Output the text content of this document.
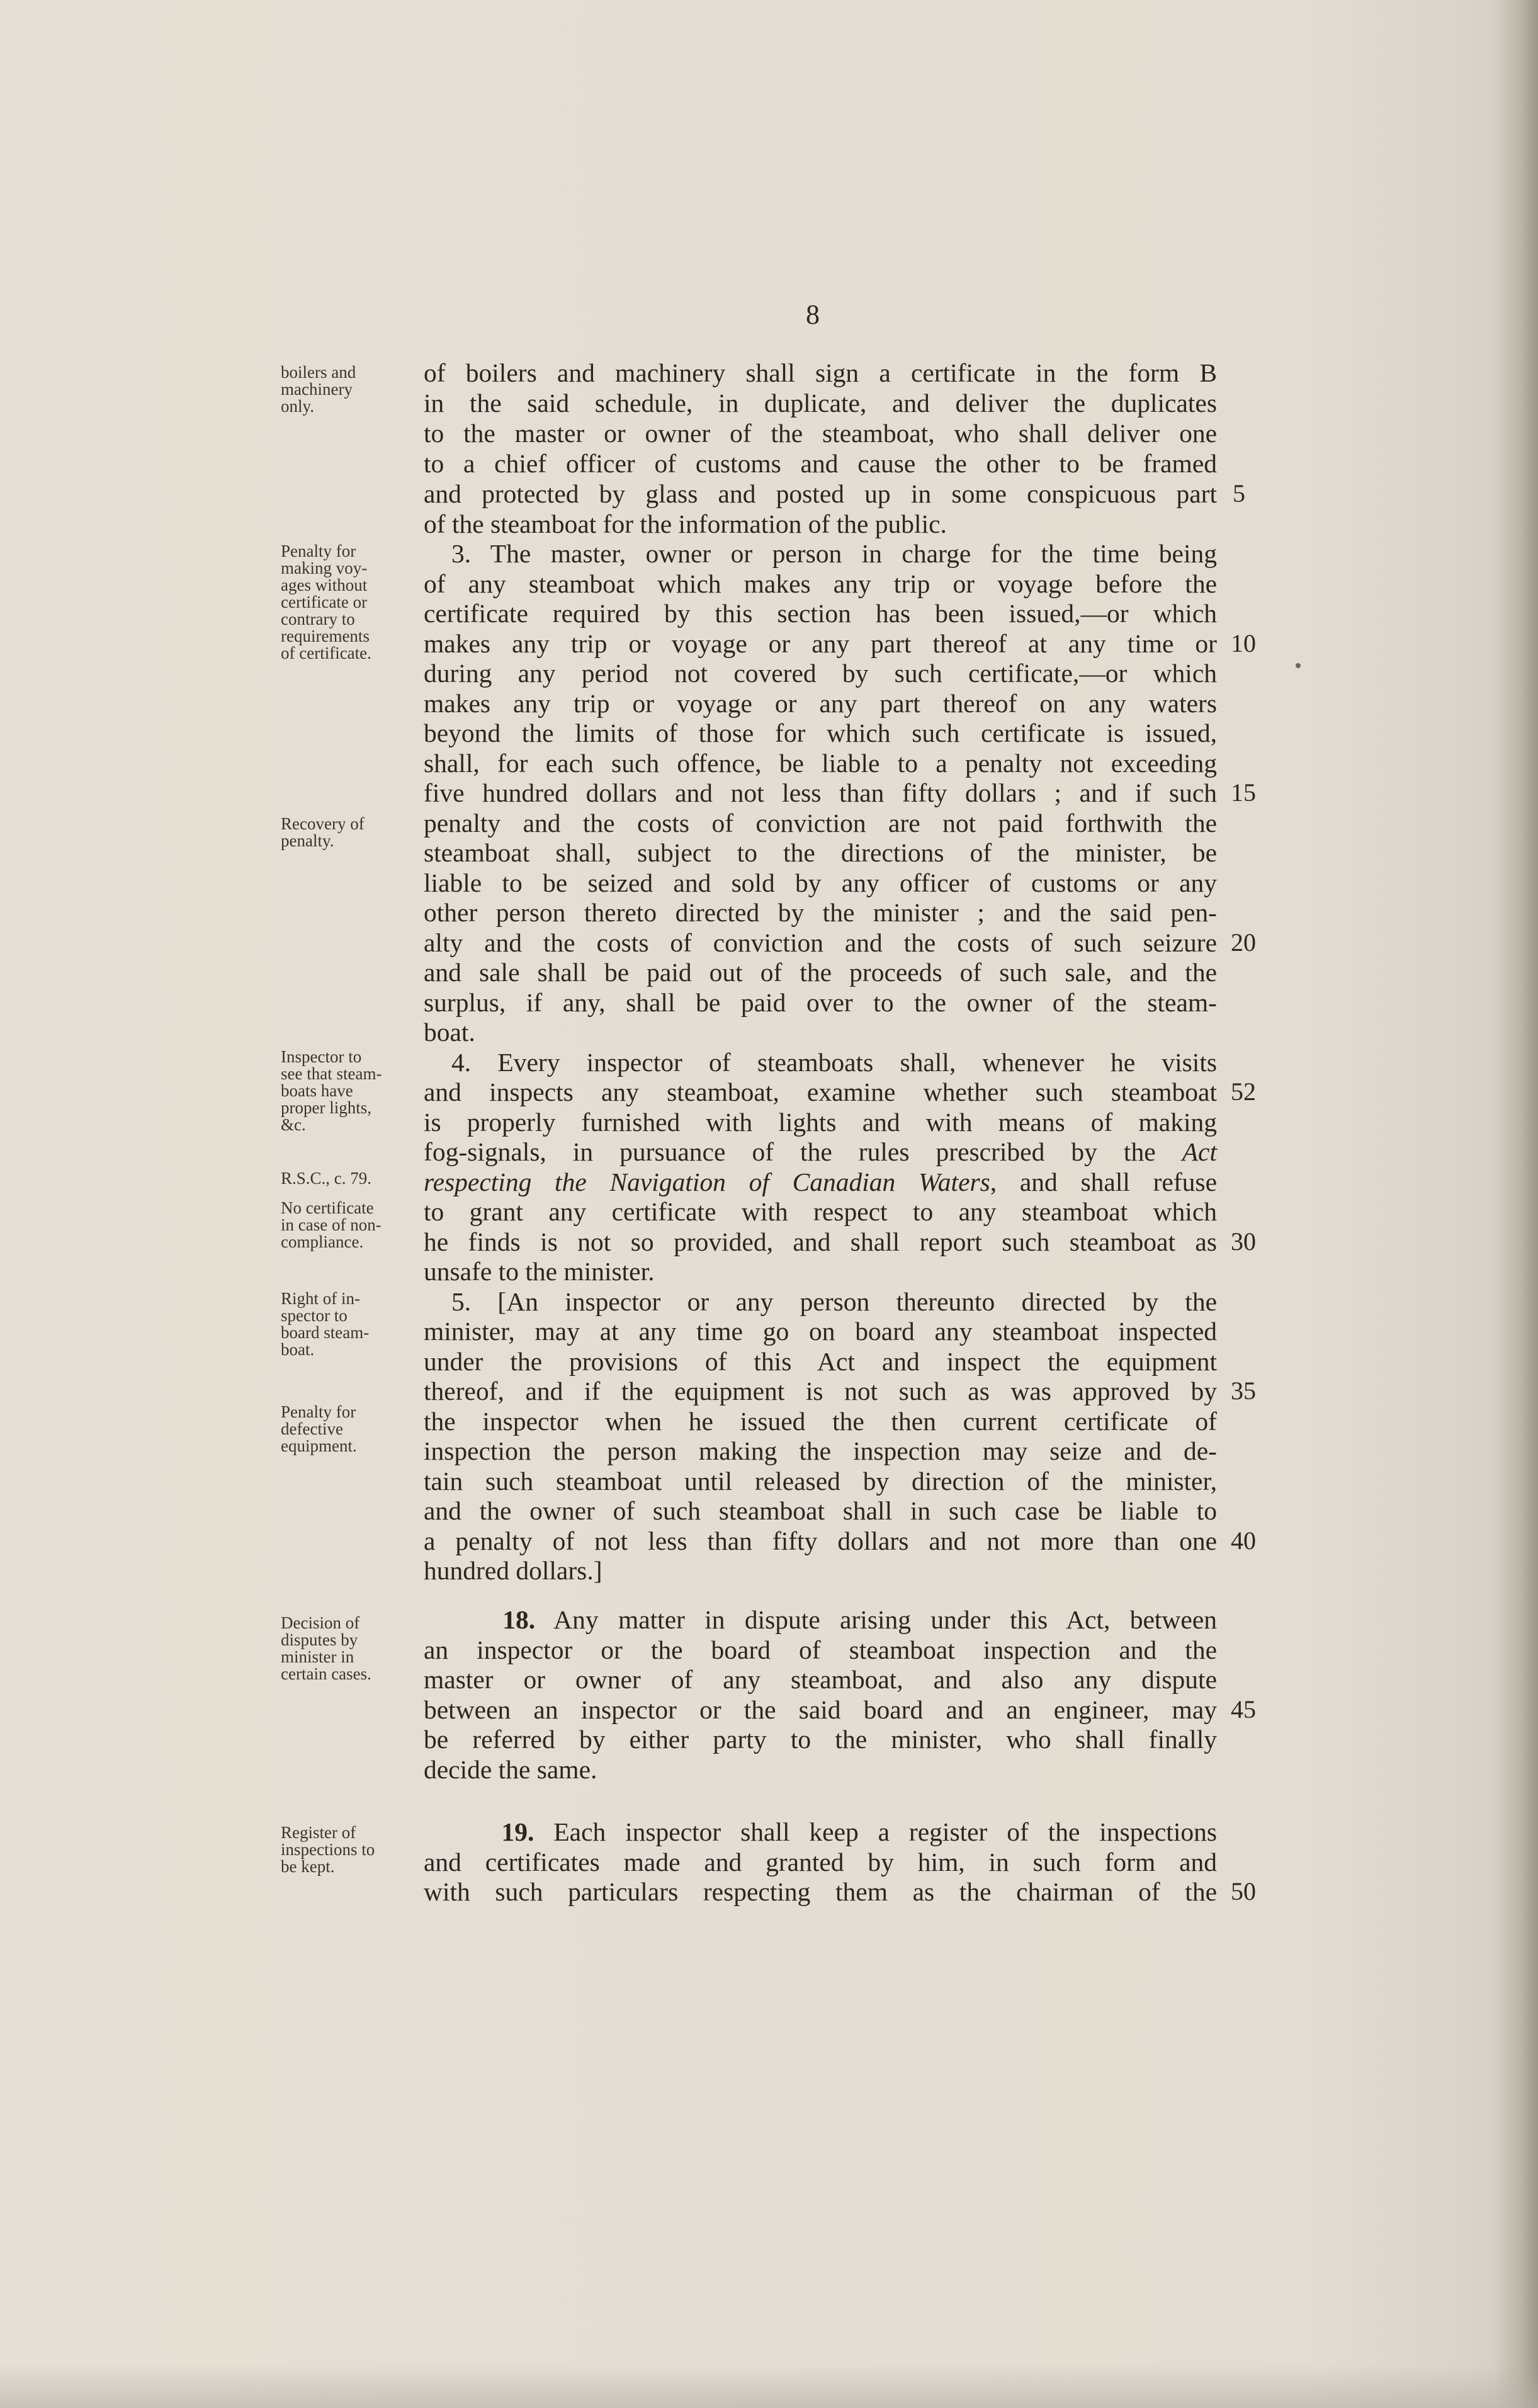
8
of boilers and machinery shall sign a certificate in the form B
in the said schedule, in duplicate, and deliver the duplicates
to the master or owner of the steamboat, who shall deliver one
to a chief officer of customs and cause the other to be framed
and protected by glass and posted up in some conspicuous part
of the steamboat for the information of the public.
3. The master, owner or person in charge for the time being
of any steamboat which makes any trip or voyage before the
certificate required by this section has been issued,—or which
makes any trip or voyage or any part thereof at any time or
during any period not covered by such certificate,—or which
makes any trip or voyage or any part thereof on any waters
beyond the limits of those for which such certificate is issued,
shall, for each such offence, be liable to a penalty not exceeding
five hundred dollars and not less than fifty dollars ; and if such
penalty and the costs of conviction are not paid forthwith the
steamboat shall, subject to the directions of the minister, be
liable to be seized and sold by any officer of customs or any
other person thereto directed by the minister ; and the said pen-
alty and the costs of conviction and the costs of such seizure
and sale shall be paid out of the proceeds of such sale, and the
surplus, if any, shall be paid over to the owner of the steam-
boat.
4. Every inspector of steamboats shall, whenever he visits
and inspects any steamboat, examine whether such steamboat
is properly furnished with lights and with means of making
fog-signals, in pursuance of the rules prescribed by the Act
respecting the Navigation of Canadian Waters, and shall refuse
to grant any certificate with respect to any steamboat which
he finds is not so provided, and shall report such steamboat as
unsafe to the minister.
5. [An inspector or any person thereunto directed by the
minister, may at any time go on board any steamboat inspected
under the provisions of this Act and inspect the equipment
thereof, and if the equipment is not such as was approved by
the inspector when he issued the then current certificate of
inspection the person making the inspection may seize and de-
tain such steamboat until released by direction of the minister,
and the owner of such steamboat shall in such case be liable to
a penalty of not less than fifty dollars and not more than one
hundred dollars.]
18. Any matter in dispute arising under this Act, between
an inspector or the board of steamboat inspection and the
master or owner of any steamboat, and also any dispute
between an inspector or the said board and an engineer, may
be referred by either party to the minister, who shall finally
decide the same.
19. Each inspector shall keep a register of the inspections
and certificates made and granted by him, in such form and
with such particulars respecting them as the chairman of the
5
10
15
20
52
30
35
40
45
50
boilers and
machinery
only.
Penalty for
making voy-
ages without
certificate or
contrary to
requirements
of certificate.
Recovery of
penalty.
Inspector to
see that steam-
boats have
proper lights,
&c.
R.S.C., c. 79.
No certificate
in case of non-
compliance.
Right of in-
spector to
board steam-
boat.
Penalty for
defective
equipment.
Decision of
disputes by
minister in
certain cases.
Register of
inspections to
be kept.
